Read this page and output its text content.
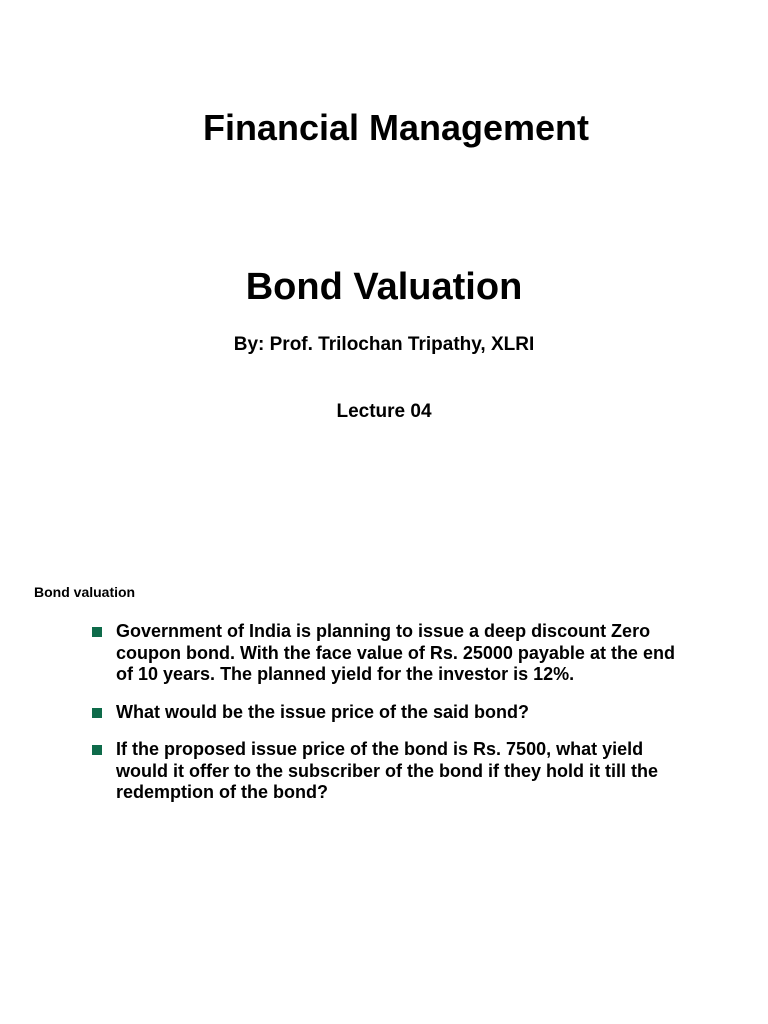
Financial Management
Bond Valuation
By: Prof. Trilochan Tripathy, XLRI
Lecture 04
Bond valuation
Government of India is planning to issue a deep discount Zero coupon bond. With the face value of Rs. 25000 payable at the end of 10 years. The planned yield for the investor is 12%.
What would be the issue price of the said bond?
If the proposed issue price of the bond is Rs. 7500, what yield would it offer to the subscriber of the bond if they hold it till the redemption of the bond?
